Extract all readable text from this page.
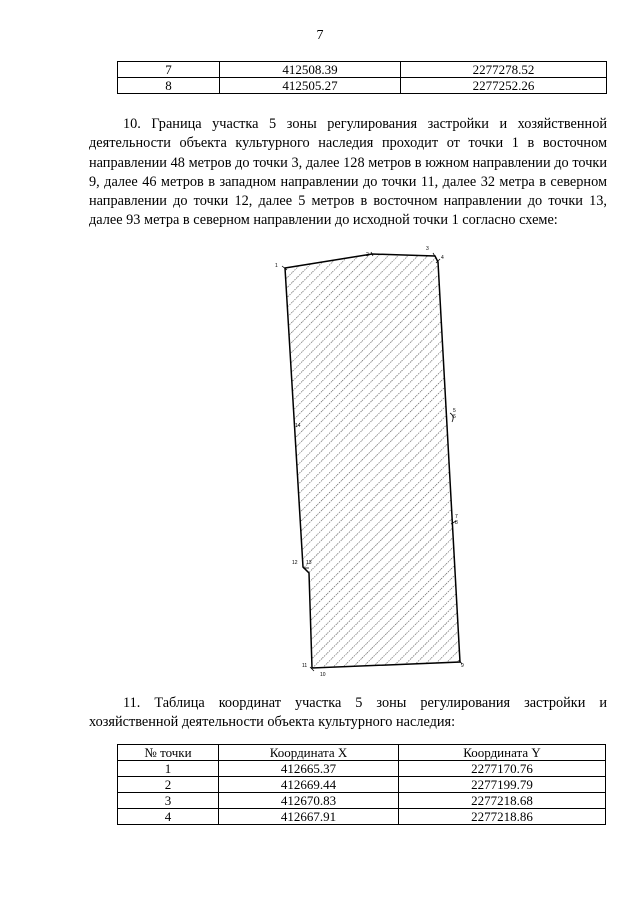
7
7	412508.39	2277278.52
8	412505.27	2277252.26
10. Граница участка 5 зоны регулирования застройки и хозяйственной деятельности объекта культурного наследия проходит от точки 1 в восточном направлении 48 метров до точки 3, далее 128 метров в южном направлении до точки 9, далее 46 метров в западном направлении до точки 11, далее 32 метра в северном направлении до точки 12, далее 5 метров в восточном направлении до точки 13, далее 93 метра в северном направлении до исходной точки 1 согласно схеме:
1
2
3
4
5
6
7
8
9
10
11
12 13
14
11. Таблица координат участка 5 зоны регулирования застройки и хозяйственной деятельности объекта культурного наследия:
№ точки	Координата X	Координата Y
1	412665.37	2277170.76
2	412669.44	2277199.79
3	412670.83	2277218.68
4	412667.91	2277218.86
